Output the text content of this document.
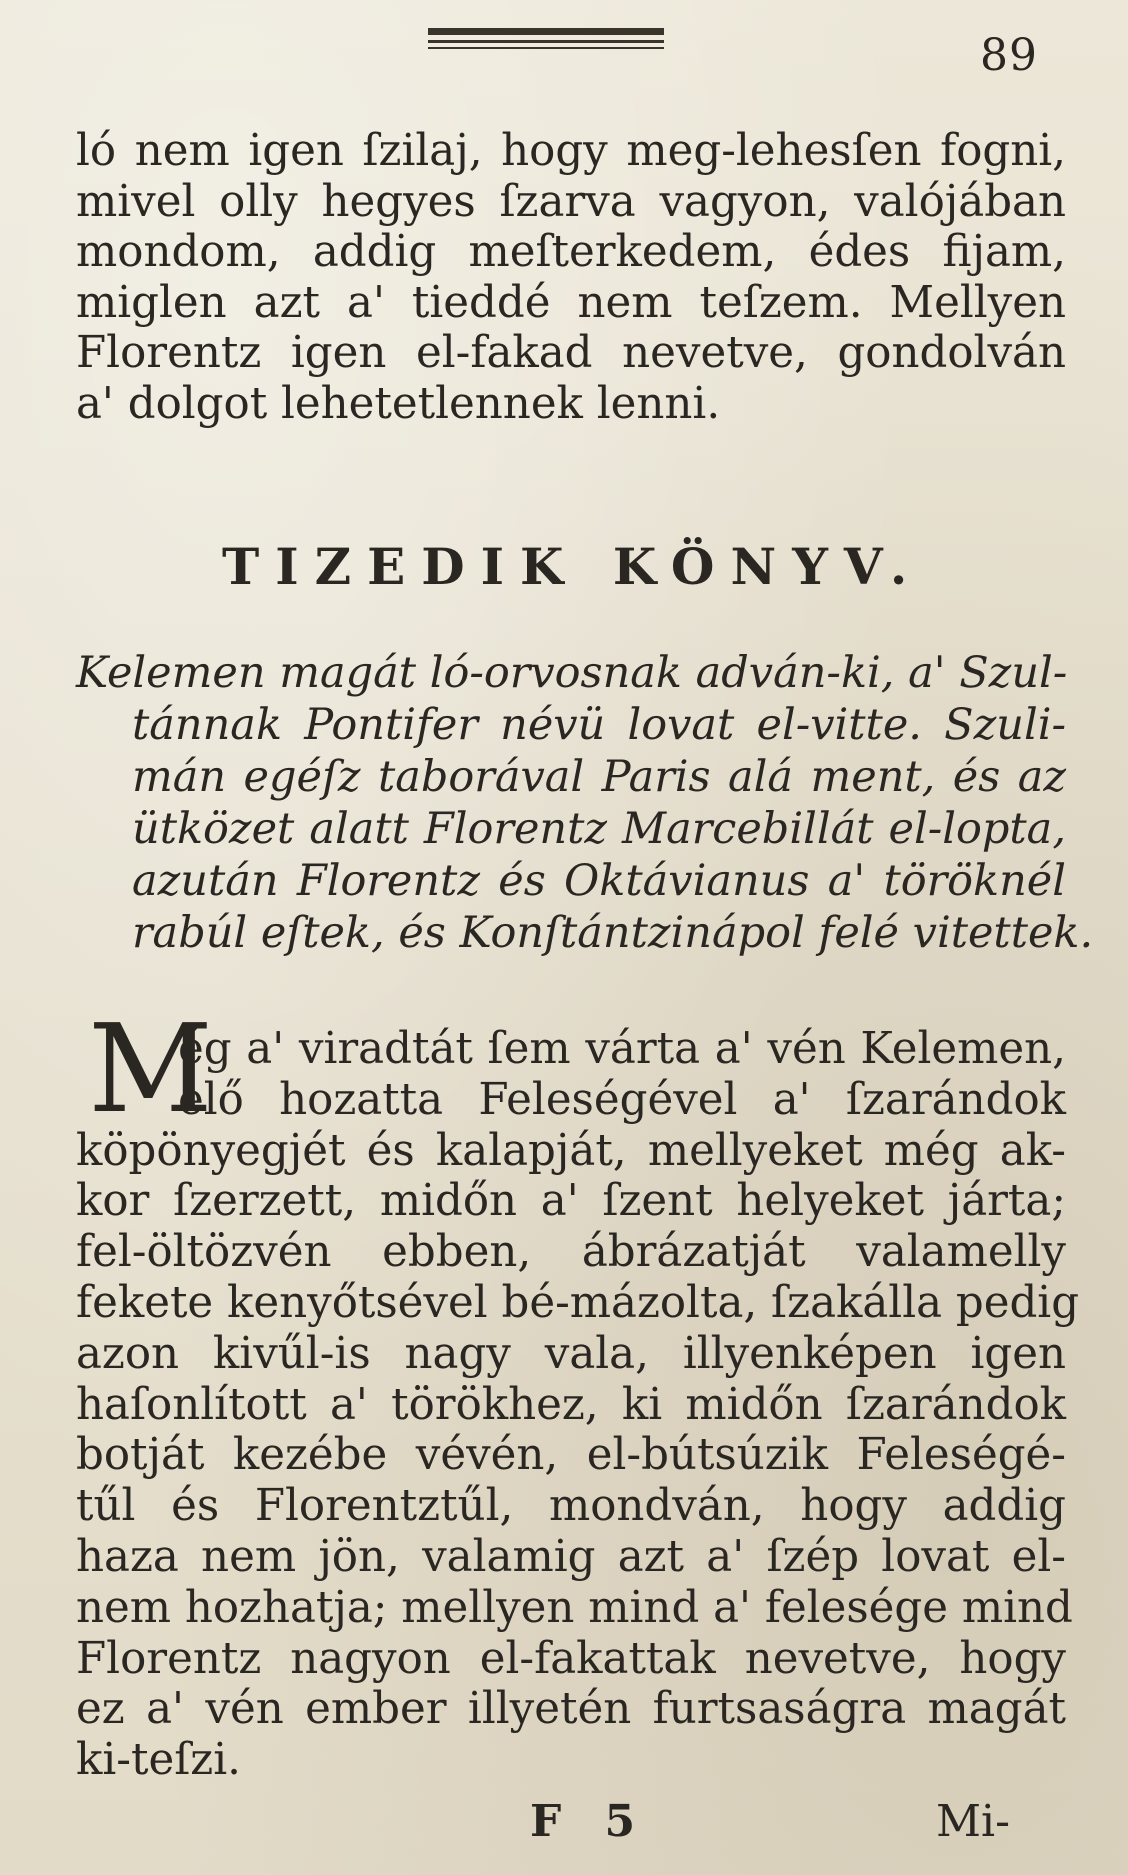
89
ló nem igen ſzilaj, hogy meg-lehesſen fogni,
mivel olly hegyes ſzarva vagyon, valójában
mondom, addig meſterkedem, édes fijam,
miglen azt a' tieddé nem teſzem. Mellyen
Florentz igen el-fakad nevetve, gondolván
a' dolgot lehetetlennek lenni.
TIZEDIK KÖNYV.
Kelemen magát ló-orvosnak adván-ki, a' Szul-
tánnak Pontifer névü lovat el-vitte. Szuli-
mán egéſz taborával Paris alá ment, és az
ütközet alatt Florentz Marcebillát el-lopta,
azután Florentz és Oktávianus a' töröknél
rabúl eſtek, és Konſtántzinápol felé vitettek.
M
ég a' viradtát ſem várta a' vén Kelemen,
elő hozatta Feleségével a' ſzarándok
köpönyegjét és kalapját, mellyeket még ak-
kor ſzerzett, midőn a' ſzent helyeket járta;
fel-öltözvén ebben, ábrázatját valamelly
fekete kenyőtsével bé-mázolta, ſzakálla pedig
azon kivűl-is nagy vala, illyenképen igen
haſonlított a' törökhez, ki midőn ſzarándok
botját kezébe vévén, el-bútsúzik Feleségé-
tűl és Florentztűl, mondván, hogy addig
haza nem jön, valamig azt a' ſzép lovat el-
nem hozhatja; mellyen mind a' felesége mind
Florentz nagyon el-fakattak nevetve, hogy
ez a' vén ember illyetén furtsaságra magát
ki-teſzi.
F 5	Mi-
